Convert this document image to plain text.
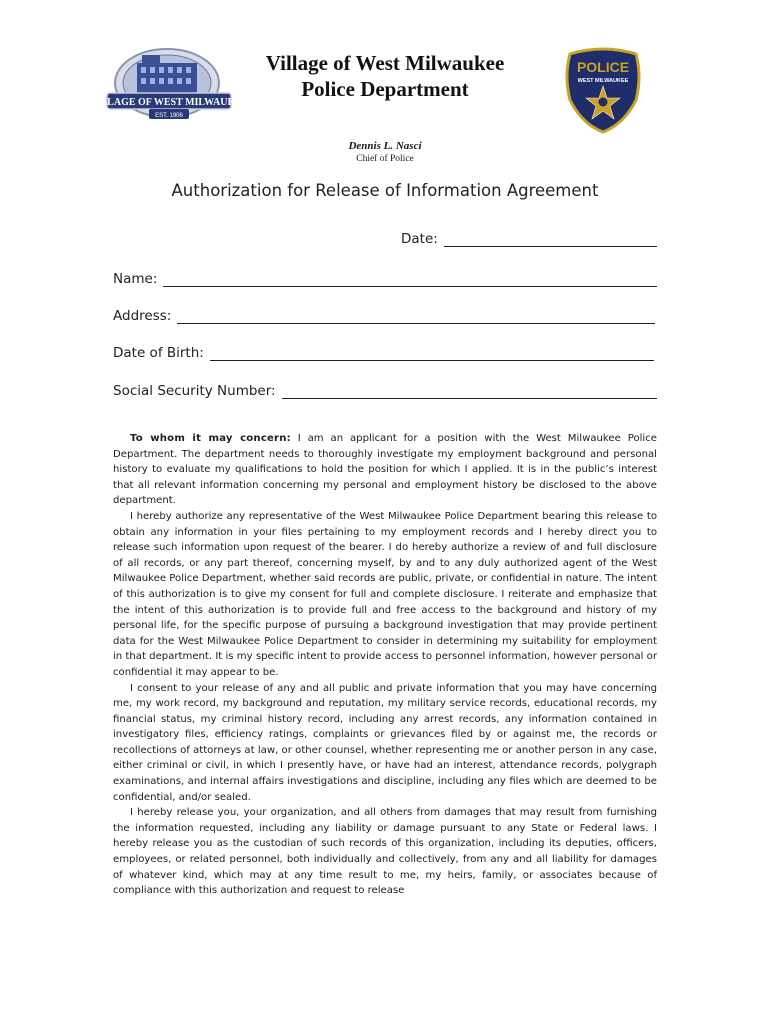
VILLAGE OF WEST MILWAUKEE
EST. 1906
POLICE
WEST MILWAUKEE
Village of West Milwaukee
Police Department
Dennis L. Nasci
Chief of Police
Authorization for Release of Information Agreement
Date:
Name:
Address:
Date of Birth:
Social Security Number:

To whom it may concern: I am an applicant for a position with the West Milwaukee Police Department. The department needs to thoroughly investigate my employment background and personal history to evaluate my qualifications to hold the position for which I applied. It is in the public’s interest that all relevant information concerning my personal and employment history be disclosed to the above department.

I hereby authorize any representative of the West Milwaukee Police Department bearing this release to obtain any information in your files pertaining to my employment records and I hereby direct you to release such information upon request of the bearer. I do hereby authorize a review of and full disclosure of all records, or any part thereof, concerning myself, by and to any duly authorized agent of the West Milwaukee Police Department, whether said records are public, private, or confidential in nature. The intent of this authorization is to give my consent for full and complete disclosure. I reiterate and emphasize that the intent of this authorization is to provide full and free access to the background and history of my personal life, for the specific purpose of pursuing a background investigation that may provide pertinent data for the West Milwaukee Police Department to consider in determining my suitability for employment in that department. It is my specific intent to provide access to personnel information, however personal or confidential it may appear to be.

I consent to your release of any and all public and private information that you may have concerning me, my work record, my background and reputation, my military service records, educational records, my financial status, my criminal history record, including any arrest records, any information contained in investigatory files, efficiency ratings, complaints or grievances filed by or against me, the records or recollections of attorneys at law, or other counsel, whether representing me or another person in any case, either criminal or civil, in which I presently have, or have had an interest, attendance records, polygraph examinations, and internal affairs investigations and discipline, including any files which are deemed to be confidential, and/or sealed.

I hereby release you, your organization, and all others from damages that may result from furnishing the information requested, including any liability or damage pursuant to any State or Federal laws. I hereby release you as the custodian of such records of this organization, including its deputies, officers, employees, or related personnel, both individually and collectively, from any and all liability for damages of whatever kind, which may at any time result to me, my heirs, family, or associates because of compliance with this authorization and request to release
